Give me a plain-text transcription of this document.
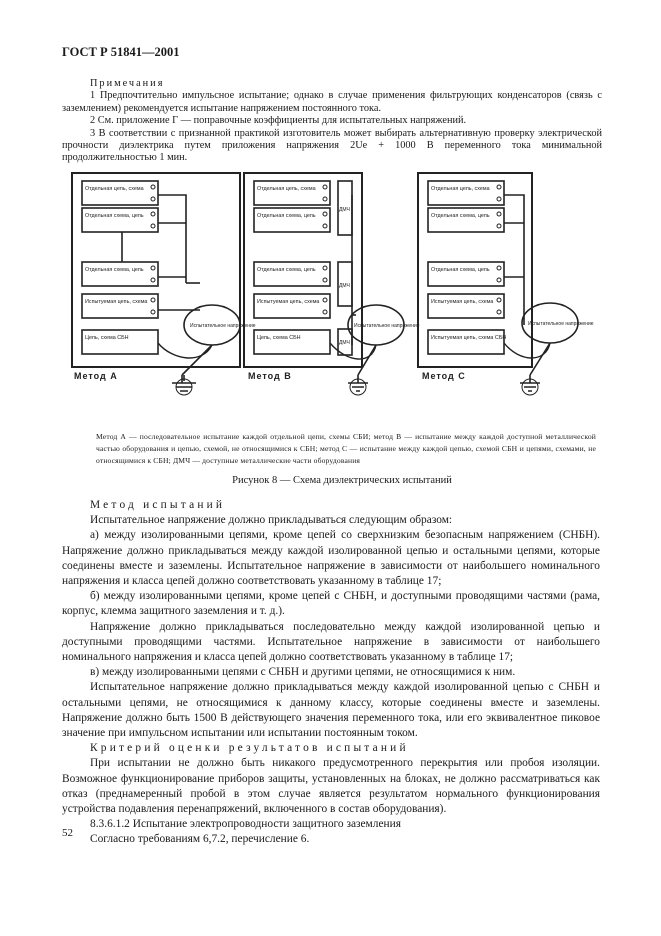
ГОСТ Р 51841—2001

Примечания

1 Предпочтительно импульсное испытание; однако в случае применения фильтрующих конденсаторов (связь с заземлением) рекомендуется испытание напряжением постоянного тока.

2 См. приложение Г — поправочные коэффициенты для испытательных напряжений.

3 В соответствии с признанной практикой изготовитель может выбирать альтернативную проверку электрической прочности диэлектрика путем приложения напряжения 2Ue + 1000 В переменного тока минимальной продолжительностью 1 мин.

Отдельная цепь, схема
Отдельная схема, цепь
Отдельная схема, цепь
Испытуемая цепь, схема
Цепь, схема СБН
Отдельная цепь, схема
Отдельная схема, цепь
Отдельная схема, цепь
Испытуемая цепь, схема
Цепь, схема СБН
Отдельная цепь, схема
Отдельная схема, цепь
Отдельная схема, цепь
Испытуемая цепь, схема
Испытуемая цепь, схема СБН
Испытательное напряжение	Испытательное напряжение	Испытательное напряжение
ДМЧ
ДМЧ
ДМЧ
Метод А	Метод В	Метод С

Метод А — последовательное испытание каждой отдельной цепи, схемы СБИ; метод В — испытание между каждой доступной металлической частью оборудования и цепью, схемой, не относящимися к СБН; метод С — испытание между каждой цепью, схемой СБН и цепями, схемами, не относящимися к СБН; ДМЧ — доступные металлические части оборудования

Рисунок 8 — Схема диэлектрических испытаний

Метод испытаний

Испытательное напряжение должно прикладываться следующим образом:

а) между изолированными цепями, кроме цепей со сверхнизким безопасным напряжением (СНБН). Напряжение должно прикладываться между каждой изолированной цепью и остальными цепями, которые соединены вместе и заземлены. Испытательное напряжение в зависимости от наибольшего номинального напряжения и класса цепей должно соответствовать указанному в таблице 17;

б) между изолированными цепями, кроме цепей с СНБН, и доступными проводящими частями (рама, корпус, клемма защитного заземления и т. д.).

Напряжение должно прикладываться последовательно между каждой изолированной цепью и доступными проводящими частями. Испытательное напряжение в зависимости от наибольшего номинального напряжения и класса цепей должно соответствовать указанному в таблице 17;

в) между изолированными цепями с СНБН и другими цепями, не относящимися к ним.

Испытательное напряжение должно прикладываться между каждой изолированной цепью с СНБН и остальными цепями, не относящимися к данному классу, которые соединены вместе и заземлены. Напряжение должно быть 1500 В действующего значения переменного тока, или его эквивалентное пиковое значение при импульсном испытании или испытании постоянным током.

Критерий оценки результатов испытаний

При испытании не должно быть никакого предусмотренного перекрытия или пробоя изоляции. Возможное функционирование приборов защиты, установленных на блоках, не должно рассматриваться как отказ (преднамеренный пробой в этом случае является результатом нормального функционирования устройства подавления перенапряжений, включенного в состав оборудования).

8.3.6.1.2 Испытание электропроводности защитного заземления

Согласно требованиям 6,7.2, перечисление 6.

52
